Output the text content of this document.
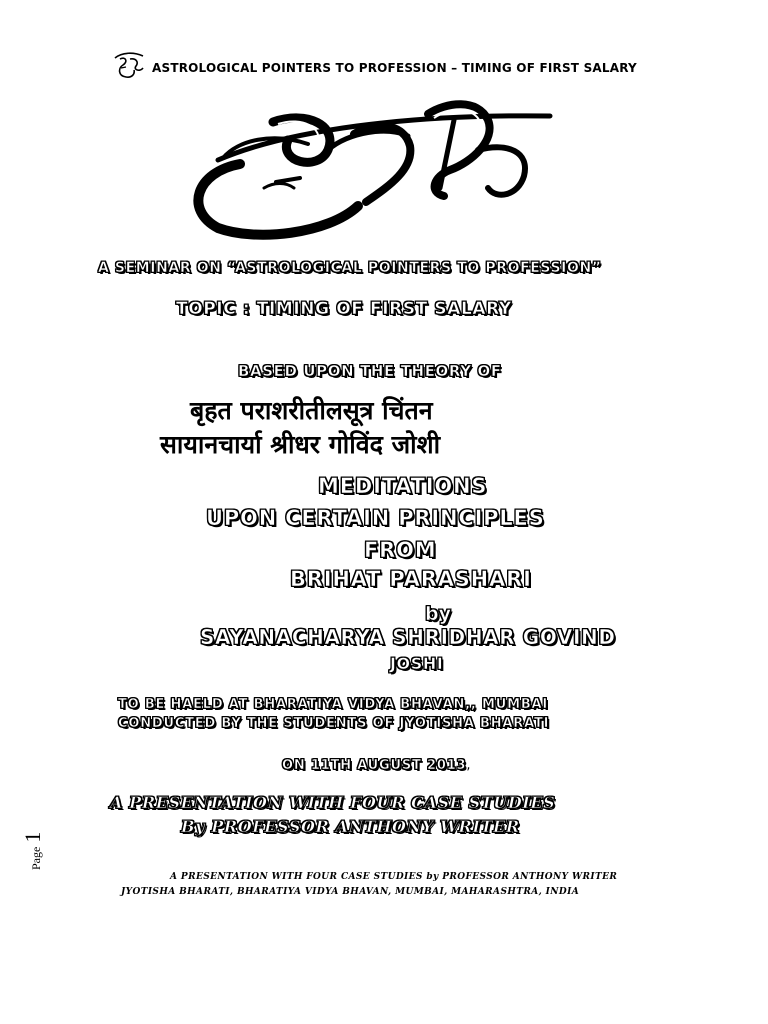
ASTROLOGICAL POINTERS TO PROFESSION – TIMING OF FIRST SALARY
A SEMINAR ON “ASTROLOGICAL POINTERS TO PROFESSION”
TOPIC : TIMING OF FIRST SALARY
BASED UPON THE THEORY OF
बृहत पराशरीतीलसूत्र चिंतन
सायानचार्या श्रीधर गोविंद जोशी
MEDITATIONS
UPON CERTAIN PRINCIPLES
FROM
BRIHAT PARASHARI
by
SAYANACHARYA SHRIDHAR GOVIND
JOSHI
TO BE HAELD AT BHARATIYA VIDYA BHAVAN,, MUMBAI
CONDUCTED BY THE STUDENTS OF JYOTISHA BHARATI
ON 11TH AUGUST 2013,
A PRESENTATION WITH FOUR CASE STUDIES
By PROFESSOR ANTHONY WRITER
A PRESENTATION WITH FOUR CASE STUDIES by PROFESSOR ANTHONY WRITER
JYOTISHA BHARATI, BHARATIYA VIDYA BHAVAN, MUMBAI, MAHARASHTRA, INDIA
Page 1
